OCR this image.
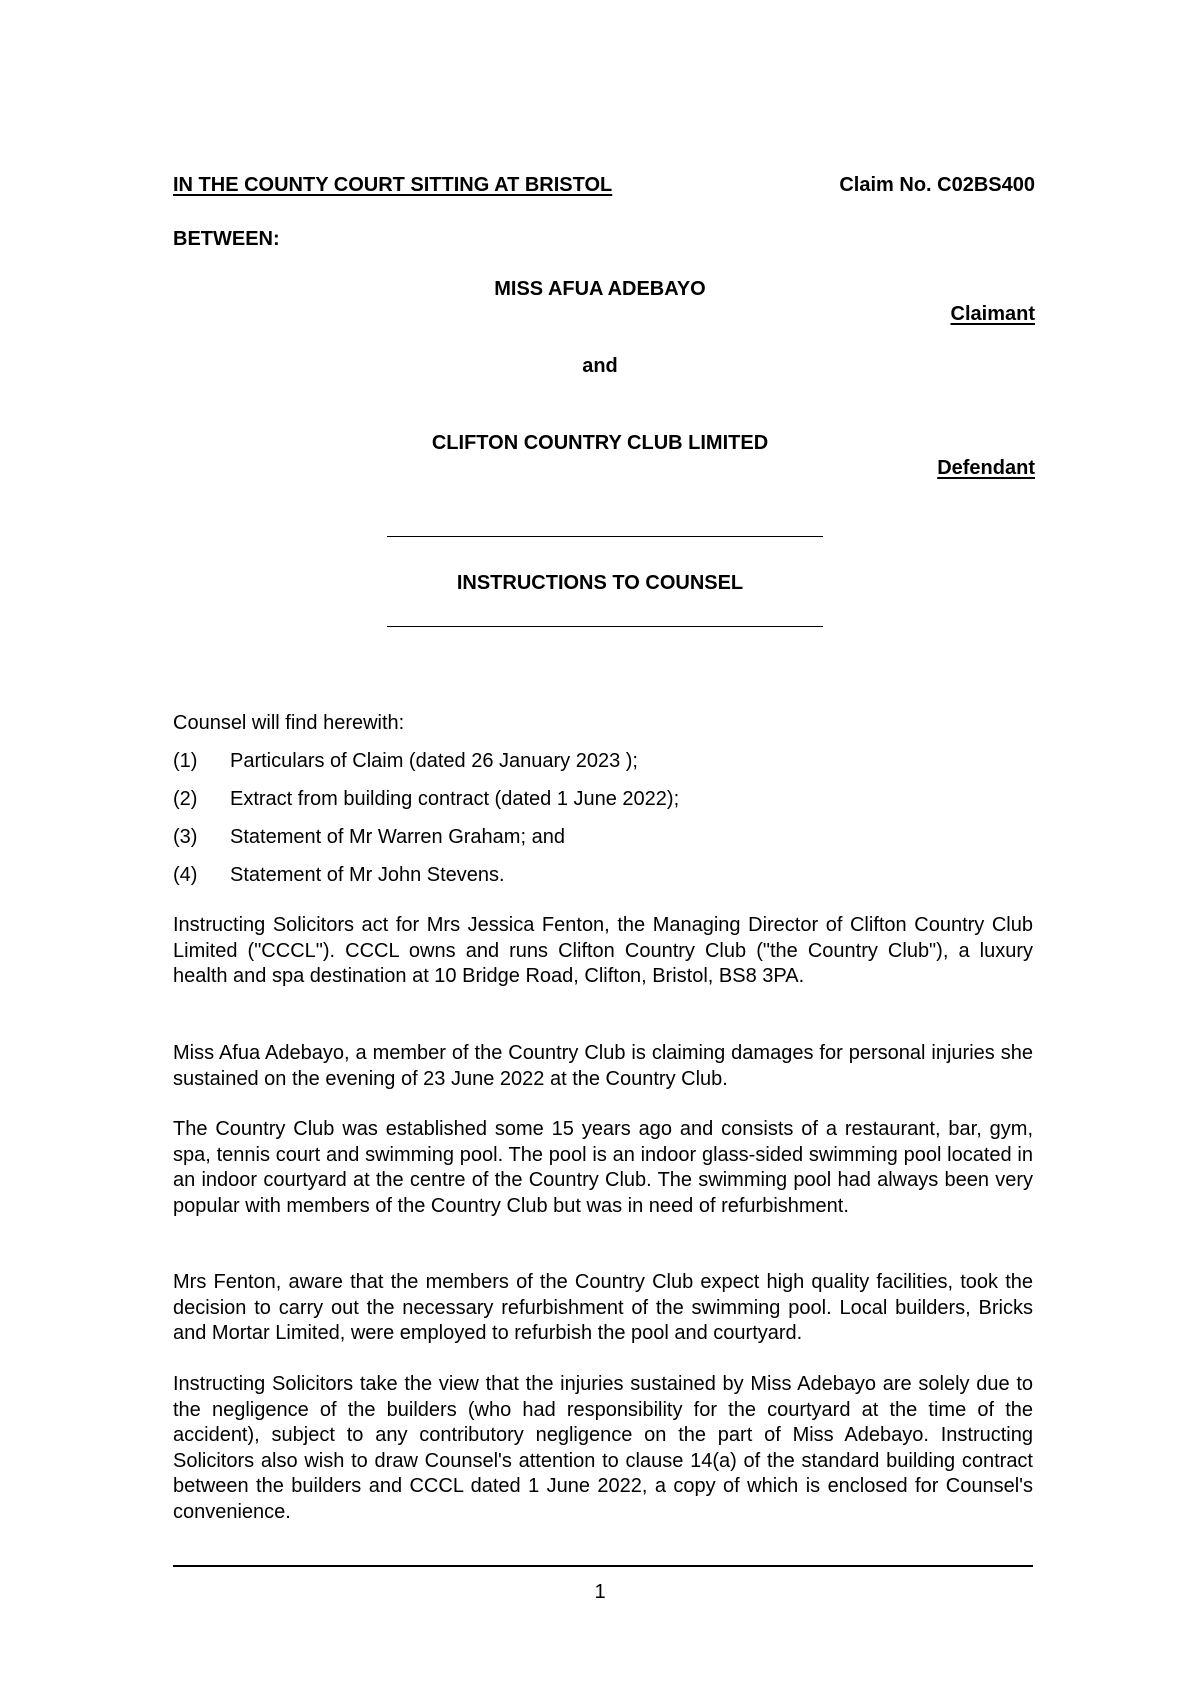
IN THE COUNTY COURT SITTING AT BRISTOL	Claim No. C02BS400
BETWEEN:
MISS AFUA ADEBAYO
Claimant
and
CLIFTON COUNTRY CLUB LIMITED
Defendant
INSTRUCTIONS TO COUNSEL
Counsel will find herewith:
(1) Particulars of Claim (dated 26 January 2023 );
(2) Extract from building contract (dated 1 June 2022);
(3) Statement of Mr Warren Graham; and
(4) Statement of Mr John Stevens.

Instructing Solicitors act for Mrs Jessica Fenton, the Managing Director of Clifton Country Club Limited ("CCCL"). CCCL owns and runs Clifton Country Club ("the Country Club"), a luxury health and spa destination at 10 Bridge Road, Clifton, Bristol, BS8 3PA.

Miss Afua Adebayo, a member of the Country Club is claiming damages for personal injuries she sustained on the evening of 23 June 2022 at the Country Club.

The Country Club was established some 15 years ago and consists of a restaurant, bar, gym, spa, tennis court and swimming pool. The pool is an indoor glass-sided swimming pool located in an indoor courtyard at the centre of the Country Club. The swimming pool had always been very popular with members of the Country Club but was in need of refurbishment.

Mrs Fenton, aware that the members of the Country Club expect high quality facilities, took the decision to carry out the necessary refurbishment of the swimming pool. Local builders, Bricks and Mortar Limited, were employed to refurbish the pool and courtyard.

Instructing Solicitors take the view that the injuries sustained by Miss Adebayo are solely due to the negligence of the builders (who had responsibility for the courtyard at the time of the accident), subject to any contributory negligence on the part of Miss Adebayo. Instructing Solicitors also wish to draw Counsel's attention to clause 14(a) of the standard building contract between the builders and CCCL dated 1 June 2022, a copy of which is enclosed for Counsel's convenience.

1
